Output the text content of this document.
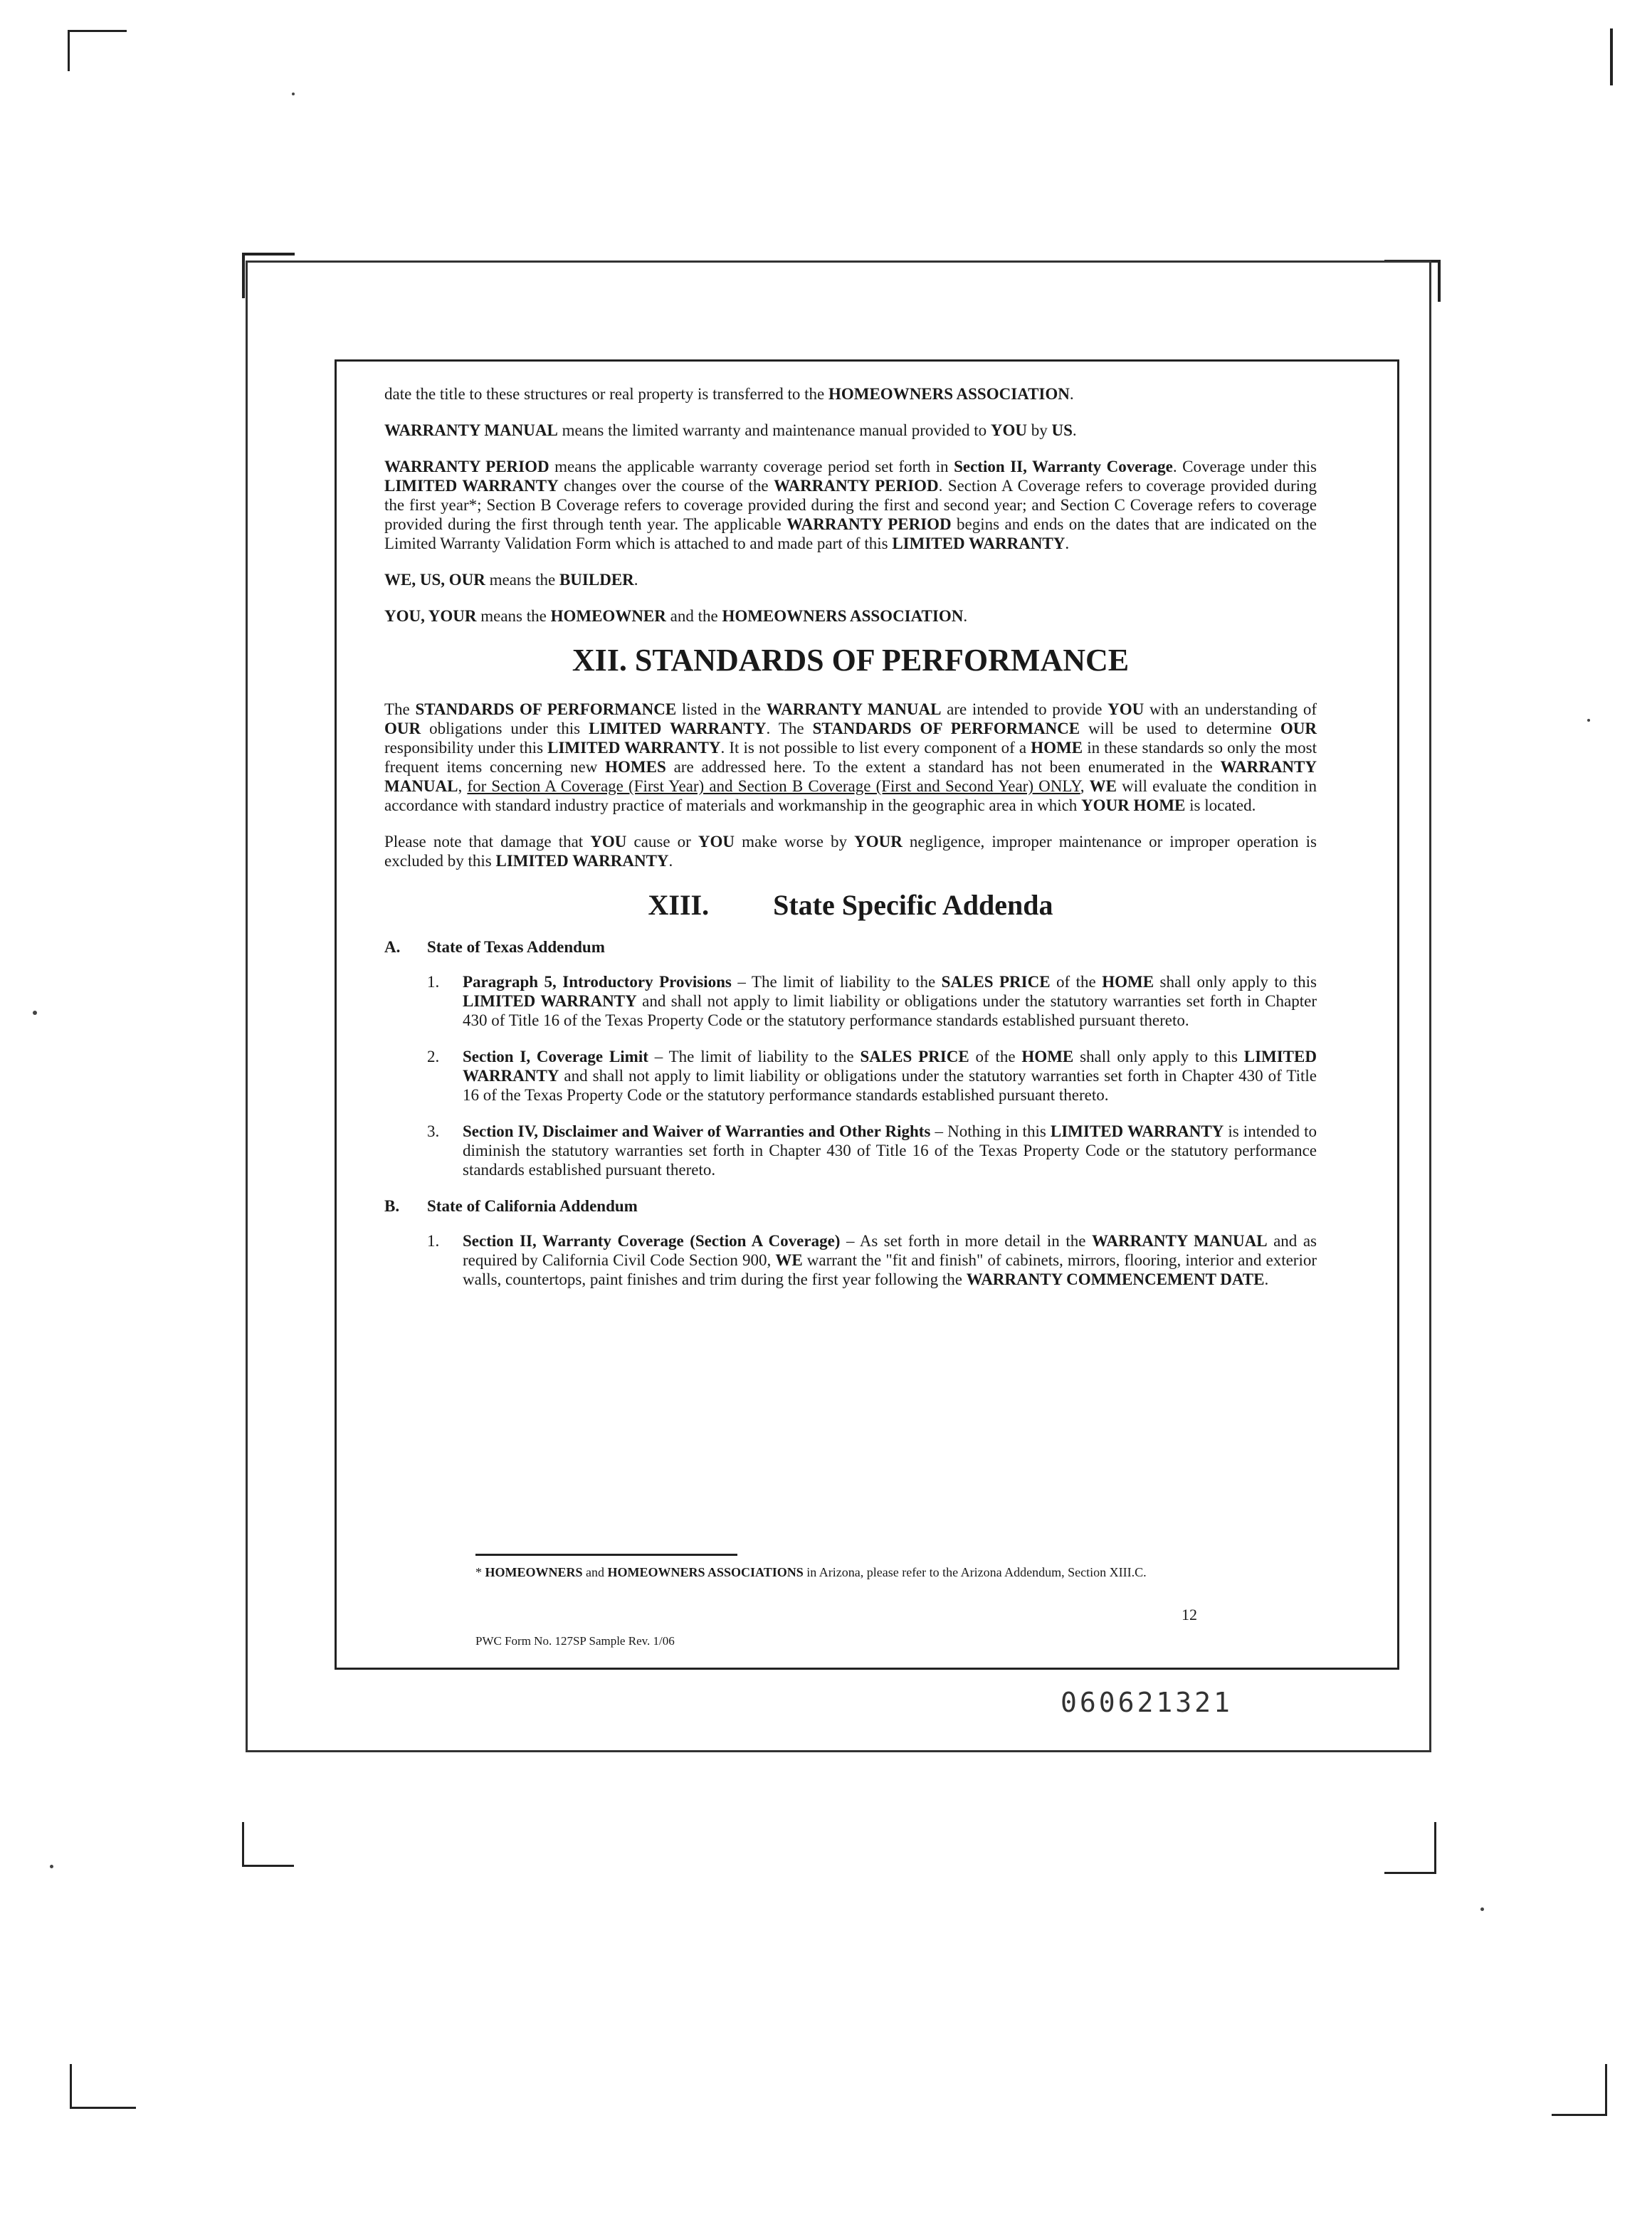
date the title to these structures or real property is transferred to the HOMEOWNERS ASSOCIATION.

WARRANTY MANUAL means the limited warranty and maintenance manual provided to YOU by US.

WARRANTY PERIOD means the applicable warranty coverage period set forth in Section II, Warranty Coverage. Coverage under this LIMITED WARRANTY changes over the course of the WARRANTY PERIOD. Section A Coverage refers to coverage provided during the first year*; Section B Coverage refers to coverage provided during the first and second year; and Section C Coverage refers to coverage provided during the first through tenth year. The applicable WARRANTY PERIOD begins and ends on the dates that are indicated on the Limited Warranty Validation Form which is attached to and made part of this LIMITED WARRANTY.

WE, US, OUR means the BUILDER.

YOU, YOUR means the HOMEOWNER and the HOMEOWNERS ASSOCIATION.

XII. STANDARDS OF PERFORMANCE

The STANDARDS OF PERFORMANCE listed in the WARRANTY MANUAL are intended to provide YOU with an understanding of OUR obligations under this LIMITED WARRANTY. The STANDARDS OF PERFORMANCE will be used to determine OUR responsibility under this LIMITED WARRANTY. It is not possible to list every component of a HOME in these standards so only the most frequent items concerning new HOMES are addressed here. To the extent a standard has not been enumerated in the WARRANTY MANUAL, for Section A Coverage (First Year) and Section B Coverage (First and Second Year) ONLY, WE will evaluate the condition in accordance with standard industry practice of materials and workmanship in the geographic area in which YOUR HOME is located.

Please note that damage that YOU cause or YOU make worse by YOUR negligence, improper maintenance or improper operation is excluded by this LIMITED WARRANTY.

XIII. State Specific Addenda
A. State of Texas Addendum
1.	Paragraph 5, Introductory Provisions – The limit of liability to the SALES PRICE of the HOME shall only apply to this LIMITED WARRANTY and shall not apply to limit liability or obligations under the statutory warranties set forth in Chapter 430 of Title 16 of the Texas Property Code or the statutory performance standards established pursuant thereto.
2.	Section I, Coverage Limit – The limit of liability to the SALES PRICE of the HOME shall only apply to this LIMITED WARRANTY and shall not apply to limit liability or obligations under the statutory warranties set forth in Chapter 430 of Title 16 of the Texas Property Code or the statutory performance standards established pursuant thereto.
3.	Section IV, Disclaimer and Waiver of Warranties and Other Rights – Nothing in this LIMITED WARRANTY is intended to diminish the statutory warranties set forth in Chapter 430 of Title 16 of the Texas Property Code or the statutory performance standards established pursuant thereto.
B. State of California Addendum
1.	Section II, Warranty Coverage (Section A Coverage) – As set forth in more detail in the WARRANTY MANUAL and as required by California Civil Code Section 900, WE warrant the "fit and finish" of cabinets, mirrors, flooring, interior and exterior walls, countertops, paint finishes and trim during the first year following the WARRANTY COMMENCEMENT DATE.
* HOMEOWNERS and HOMEOWNERS ASSOCIATIONS in Arizona, please refer to the Arizona Addendum, Section XIII.C.
12
PWC Form No. 127SP Sample Rev. 1/06
060621321
